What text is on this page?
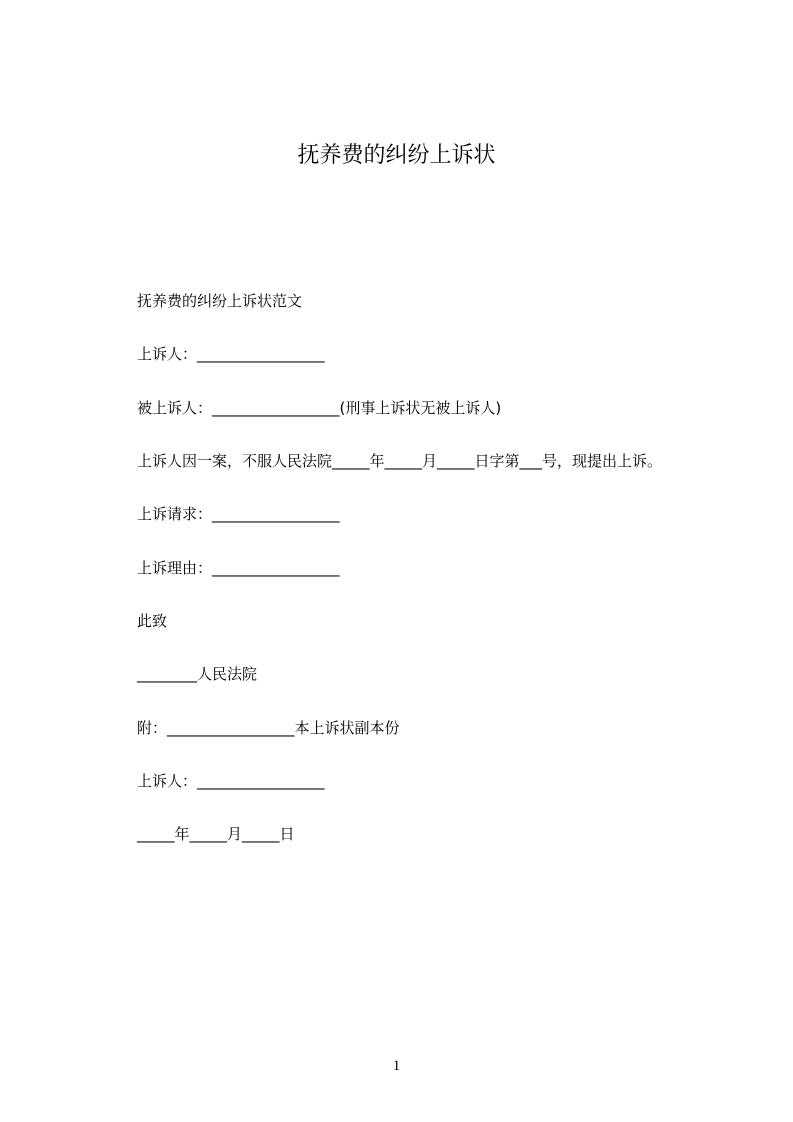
抚养费的纠纷上诉状

抚养费的纠纷上诉状范文

上诉人：_________________

被上诉人：_________________(刑事上诉状无被上诉人)

上诉人因一案，不服人民法院_____年_____月_____日字第___号，现提出上诉。

上诉请求：_________________

上诉理由：_________________

此致

________人民法院

附：_________________本上诉状副本份

上诉人：_________________

_____年_____月_____日

1
